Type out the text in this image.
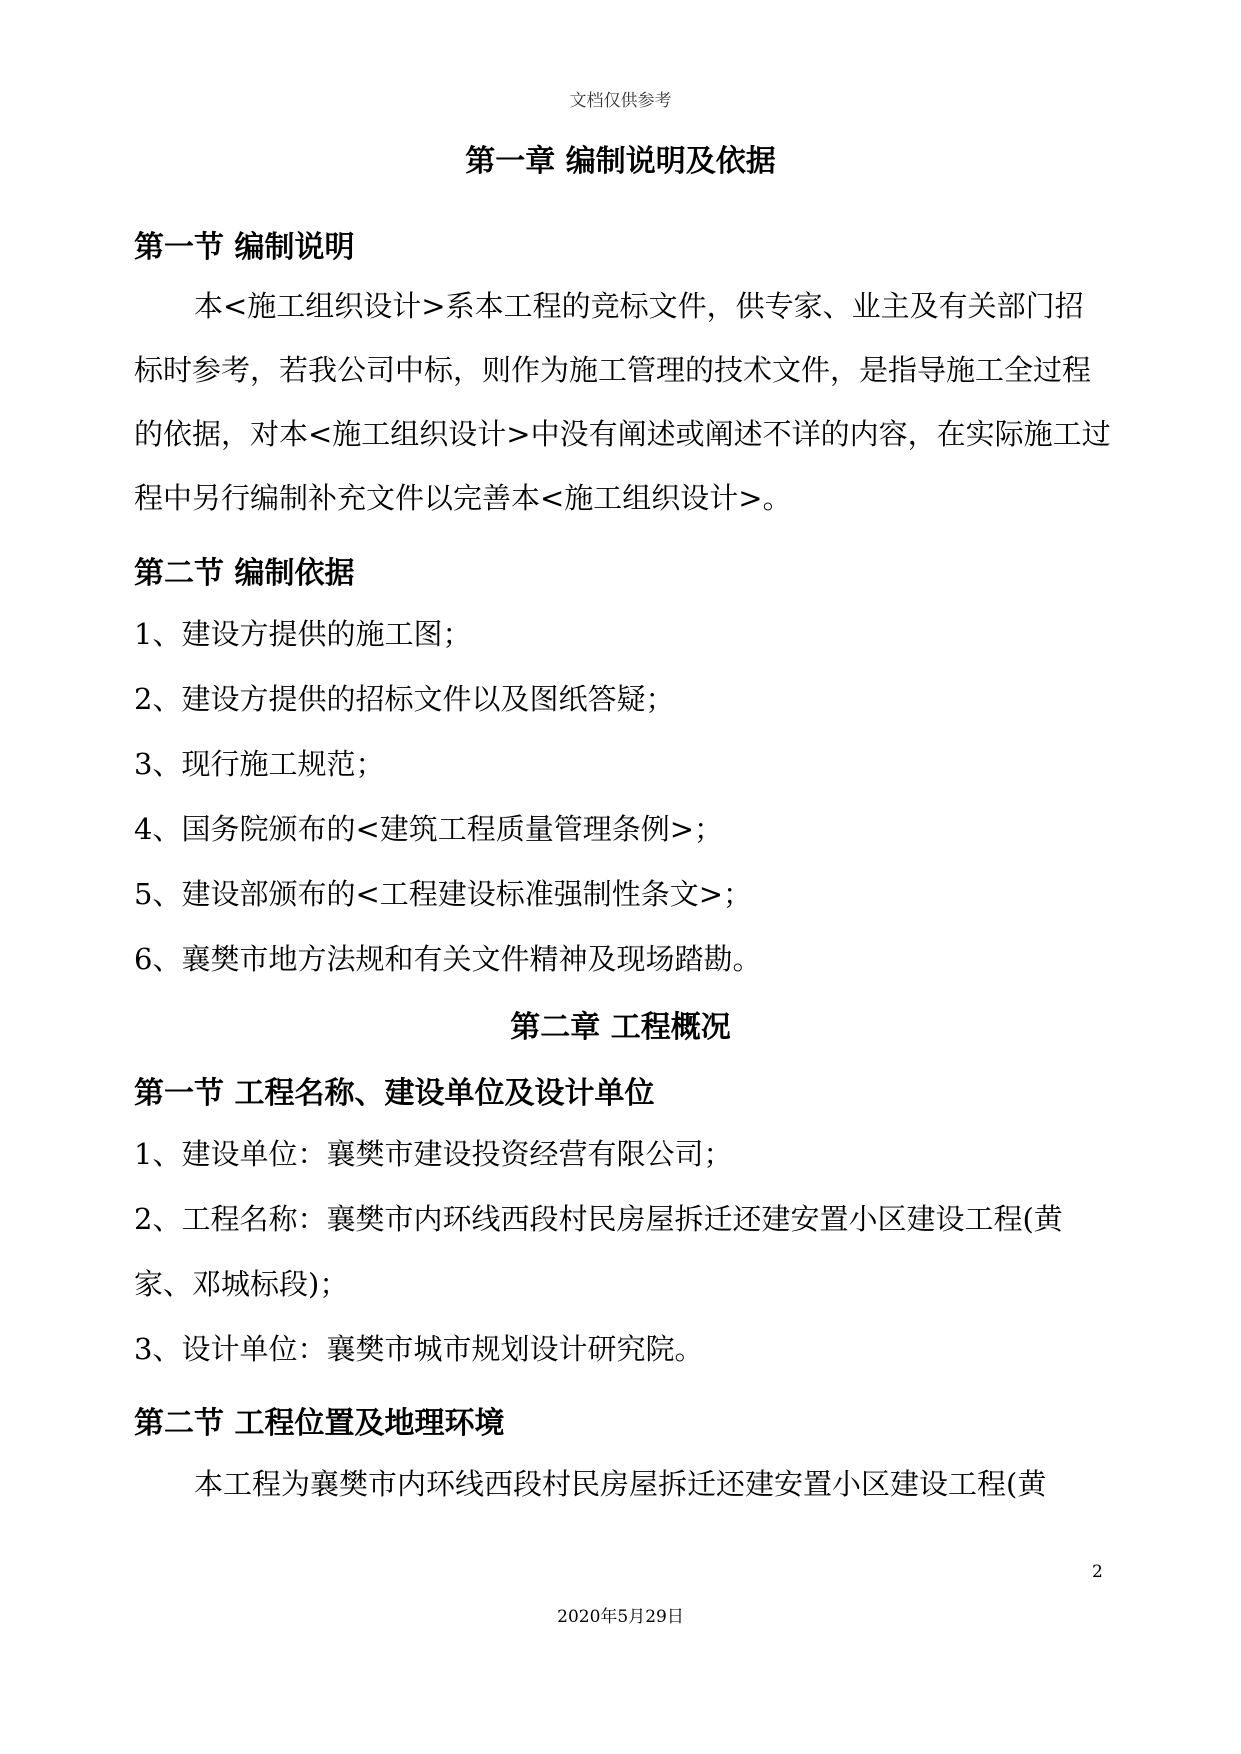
文档仅供参考
第一章 编制说明及依据
第一节 编制说明
本<施工组织设计>系本工程的竞标文件，供专家、业主及有关部门招
标时参考，若我公司中标，则作为施工管理的技术文件，是指导施工全过程
的依据，对本<施工组织设计>中没有阐述或阐述不详的内容，在实际施工过
程中另行编制补充文件以完善本<施工组织设计>。
第二节 编制依据
1、建设方提供的施工图；
2、建设方提供的招标文件以及图纸答疑；
3、现行施工规范；
4、国务院颁布的<建筑工程质量管理条例>；
5、建设部颁布的<工程建设标准强制性条文>；
6、襄樊市地方法规和有关文件精神及现场踏勘。
第二章 工程概况
第一节 工程名称、建设单位及设计单位
1、建设单位：襄樊市建设投资经营有限公司；
2、工程名称：襄樊市内环线西段村民房屋拆迁还建安置小区建设工程(黄
家、邓城标段)；
3、设计单位：襄樊市城市规划设计研究院。
第二节 工程位置及地理环境
本工程为襄樊市内环线西段村民房屋拆迁还建安置小区建设工程(黄
2
2020年5月29日
